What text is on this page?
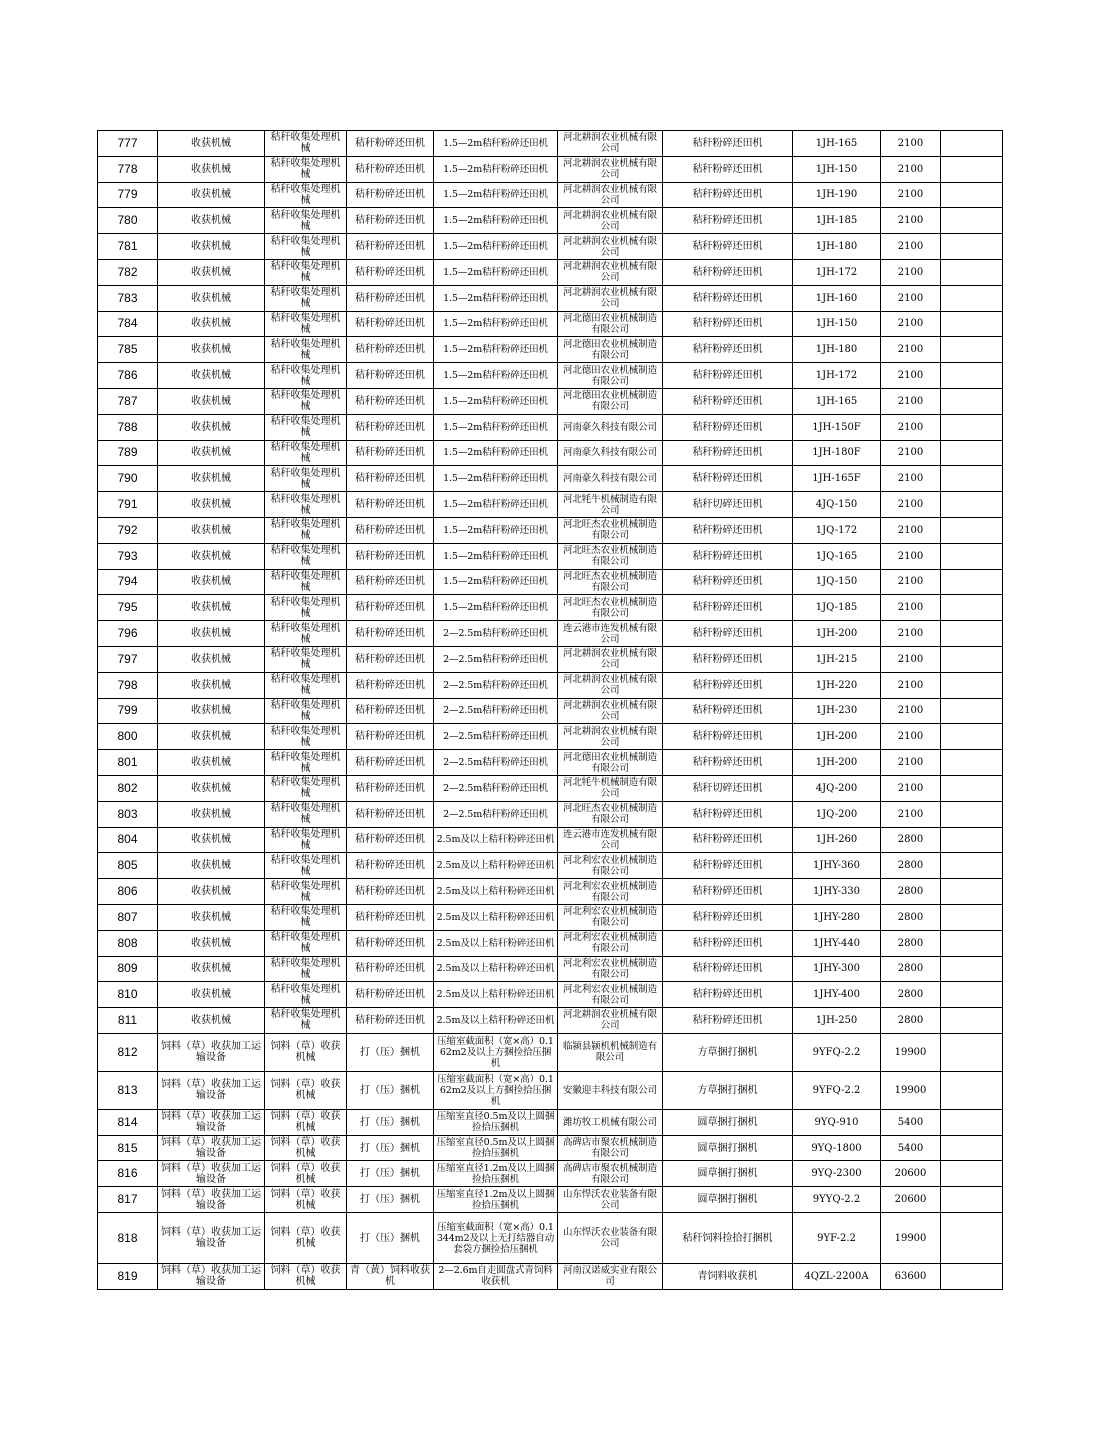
777	收获机械	秸秆收集处理机械	秸秆粉碎还田机	1.5—2m秸秆粉碎还田机	河北耕润农业机械有限公司	秸秆粉碎还田机	1JH-165	2100	
778	收获机械	秸秆收集处理机械	秸秆粉碎还田机	1.5—2m秸秆粉碎还田机	河北耕润农业机械有限公司	秸秆粉碎还田机	1JH-150	2100	
779	收获机械	秸秆收集处理机械	秸秆粉碎还田机	1.5—2m秸秆粉碎还田机	河北耕润农业机械有限公司	秸秆粉碎还田机	1JH-190	2100	
780	收获机械	秸秆收集处理机械	秸秆粉碎还田机	1.5—2m秸秆粉碎还田机	河北耕润农业机械有限公司	秸秆粉碎还田机	1JH-185	2100	
781	收获机械	秸秆收集处理机械	秸秆粉碎还田机	1.5—2m秸秆粉碎还田机	河北耕润农业机械有限公司	秸秆粉碎还田机	1JH-180	2100	
782	收获机械	秸秆收集处理机械	秸秆粉碎还田机	1.5—2m秸秆粉碎还田机	河北耕润农业机械有限公司	秸秆粉碎还田机	1JH-172	2100	
783	收获机械	秸秆收集处理机械	秸秆粉碎还田机	1.5—2m秸秆粉碎还田机	河北耕润农业机械有限公司	秸秆粉碎还田机	1JH-160	2100	
784	收获机械	秸秆收集处理机械	秸秆粉碎还田机	1.5—2m秸秆粉碎还田机	河北德田农业机械制造有限公司	秸秆粉碎还田机	1JH-150	2100	
785	收获机械	秸秆收集处理机械	秸秆粉碎还田机	1.5—2m秸秆粉碎还田机	河北德田农业机械制造有限公司	秸秆粉碎还田机	1JH-180	2100	
786	收获机械	秸秆收集处理机械	秸秆粉碎还田机	1.5—2m秸秆粉碎还田机	河北德田农业机械制造有限公司	秸秆粉碎还田机	1JH-172	2100	
787	收获机械	秸秆收集处理机械	秸秆粉碎还田机	1.5—2m秸秆粉碎还田机	河北德田农业机械制造有限公司	秸秆粉碎还田机	1JH-165	2100	
788	收获机械	秸秆收集处理机械	秸秆粉碎还田机	1.5—2m秸秆粉碎还田机	河南豪久科技有限公司	秸秆粉碎还田机	1JH-150F	2100	
789	收获机械	秸秆收集处理机械	秸秆粉碎还田机	1.5—2m秸秆粉碎还田机	河南豪久科技有限公司	秸秆粉碎还田机	1JH-180F	2100	
790	收获机械	秸秆收集处理机械	秸秆粉碎还田机	1.5—2m秸秆粉碎还田机	河南豪久科技有限公司	秸秆粉碎还田机	1JH-165F	2100	
791	收获机械	秸秆收集处理机械	秸秆粉碎还田机	1.5—2m秸秆粉碎还田机	河北牦牛机械制造有限公司	秸秆切碎还田机	4JQ-150	2100	
792	收获机械	秸秆收集处理机械	秸秆粉碎还田机	1.5—2m秸秆粉碎还田机	河北旺杰农业机械制造有限公司	秸秆粉碎还田机	1JQ-172	2100	
793	收获机械	秸秆收集处理机械	秸秆粉碎还田机	1.5—2m秸秆粉碎还田机	河北旺杰农业机械制造有限公司	秸秆粉碎还田机	1JQ-165	2100	
794	收获机械	秸秆收集处理机械	秸秆粉碎还田机	1.5—2m秸秆粉碎还田机	河北旺杰农业机械制造有限公司	秸秆粉碎还田机	1JQ-150	2100	
795	收获机械	秸秆收集处理机械	秸秆粉碎还田机	1.5—2m秸秆粉碎还田机	河北旺杰农业机械制造有限公司	秸秆粉碎还田机	1JQ-185	2100	
796	收获机械	秸秆收集处理机械	秸秆粉碎还田机	2—2.5m秸秆粉碎还田机	连云港市连发机械有限公司	秸秆粉碎还田机	1JH-200	2100	
797	收获机械	秸秆收集处理机械	秸秆粉碎还田机	2—2.5m秸秆粉碎还田机	河北耕润农业机械有限公司	秸秆粉碎还田机	1JH-215	2100	
798	收获机械	秸秆收集处理机械	秸秆粉碎还田机	2—2.5m秸秆粉碎还田机	河北耕润农业机械有限公司	秸秆粉碎还田机	1JH-220	2100	
799	收获机械	秸秆收集处理机械	秸秆粉碎还田机	2—2.5m秸秆粉碎还田机	河北耕润农业机械有限公司	秸秆粉碎还田机	1JH-230	2100	
800	收获机械	秸秆收集处理机械	秸秆粉碎还田机	2—2.5m秸秆粉碎还田机	河北耕润农业机械有限公司	秸秆粉碎还田机	1JH-200	2100	
801	收获机械	秸秆收集处理机械	秸秆粉碎还田机	2—2.5m秸秆粉碎还田机	河北德田农业机械制造有限公司	秸秆粉碎还田机	1JH-200	2100	
802	收获机械	秸秆收集处理机械	秸秆粉碎还田机	2—2.5m秸秆粉碎还田机	河北牦牛机械制造有限公司	秸秆切碎还田机	4JQ-200	2100	
803	收获机械	秸秆收集处理机械	秸秆粉碎还田机	2—2.5m秸秆粉碎还田机	河北旺杰农业机械制造有限公司	秸秆粉碎还田机	1JQ-200	2100	
804	收获机械	秸秆收集处理机械	秸秆粉碎还田机	2.5m及以上秸秆粉碎还田机	连云港市连发机械有限公司	秸秆粉碎还田机	1JH-260	2800	
805	收获机械	秸秆收集处理机械	秸秆粉碎还田机	2.5m及以上秸秆粉碎还田机	河北利宏农业机械制造有限公司	秸秆粉碎还田机	1JHY-360	2800	
806	收获机械	秸秆收集处理机械	秸秆粉碎还田机	2.5m及以上秸秆粉碎还田机	河北利宏农业机械制造有限公司	秸秆粉碎还田机	1JHY-330	2800	
807	收获机械	秸秆收集处理机械	秸秆粉碎还田机	2.5m及以上秸秆粉碎还田机	河北利宏农业机械制造有限公司	秸秆粉碎还田机	1JHY-280	2800	
808	收获机械	秸秆收集处理机械	秸秆粉碎还田机	2.5m及以上秸秆粉碎还田机	河北利宏农业机械制造有限公司	秸秆粉碎还田机	1JHY-440	2800	
809	收获机械	秸秆收集处理机械	秸秆粉碎还田机	2.5m及以上秸秆粉碎还田机	河北利宏农业机械制造有限公司	秸秆粉碎还田机	1JHY-300	2800	
810	收获机械	秸秆收集处理机械	秸秆粉碎还田机	2.5m及以上秸秆粉碎还田机	河北利宏农业机械制造有限公司	秸秆粉碎还田机	1JHY-400	2800	
811	收获机械	秸秆收集处理机械	秸秆粉碎还田机	2.5m及以上秸秆粉碎还田机	河北耕润农业机械有限公司	秸秆粉碎还田机	1JH-250	2800	
812	饲料（草）收获加工运输设备	饲料（草）收获机械	打（压）捆机	压缩室截面积（宽×高）0.162m2及以上方捆捡拾压捆机	临颍县颍机机械制造有限公司	方草捆打捆机	9YFQ-2.2	19900	
813	饲料（草）收获加工运输设备	饲料（草）收获机械	打（压）捆机	压缩室截面积（宽×高）0.162m2及以上方捆捡拾压捆机	安徽迎丰科技有限公司	方草捆打捆机	9YFQ-2.2	19900	
814	饲料（草）收获加工运输设备	饲料（草）收获机械	打（压）捆机	压缩室直径0.5m及以上圆捆捡拾压捆机	潍坊牧工机械有限公司	圆草捆打捆机	9YQ-910	5400	
815	饲料（草）收获加工运输设备	饲料（草）收获机械	打（压）捆机	压缩室直径0.5m及以上圆捆捡拾压捆机	高碑店市聚农机械制造有限公司	圆草捆打捆机	9YQ-1800	5400	
816	饲料（草）收获加工运输设备	饲料（草）收获机械	打（压）捆机	压缩室直径1.2m及以上圆捆捡拾压捆机	高碑店市聚农机械制造有限公司	圆草捆打捆机	9YQ-2300	20600	
817	饲料（草）收获加工运输设备	饲料（草）收获机械	打（压）捆机	压缩室直径1.2m及以上圆捆捡拾压捆机	山东悍沃农业装备有限公司	圆草捆打捆机	9YYQ-2.2	20600	
818	饲料（草）收获加工运输设备	饲料（草）收获机械	打（压）捆机	压缩室截面积（宽×高）0.1344m2及以上无打结器自动套袋方捆捡拾压捆机	山东悍沃农业装备有限公司	秸秆饲料捡拾打捆机	9YF-2.2	19900	
819	饲料（草）收获加工运输设备	饲料（草）收获机械	青（黄）饲料收获机	2—2.6m自走圆盘式青饲料收获机	河南汉诺威实业有限公司	青饲料收获机	4QZL-2200A	63600	
